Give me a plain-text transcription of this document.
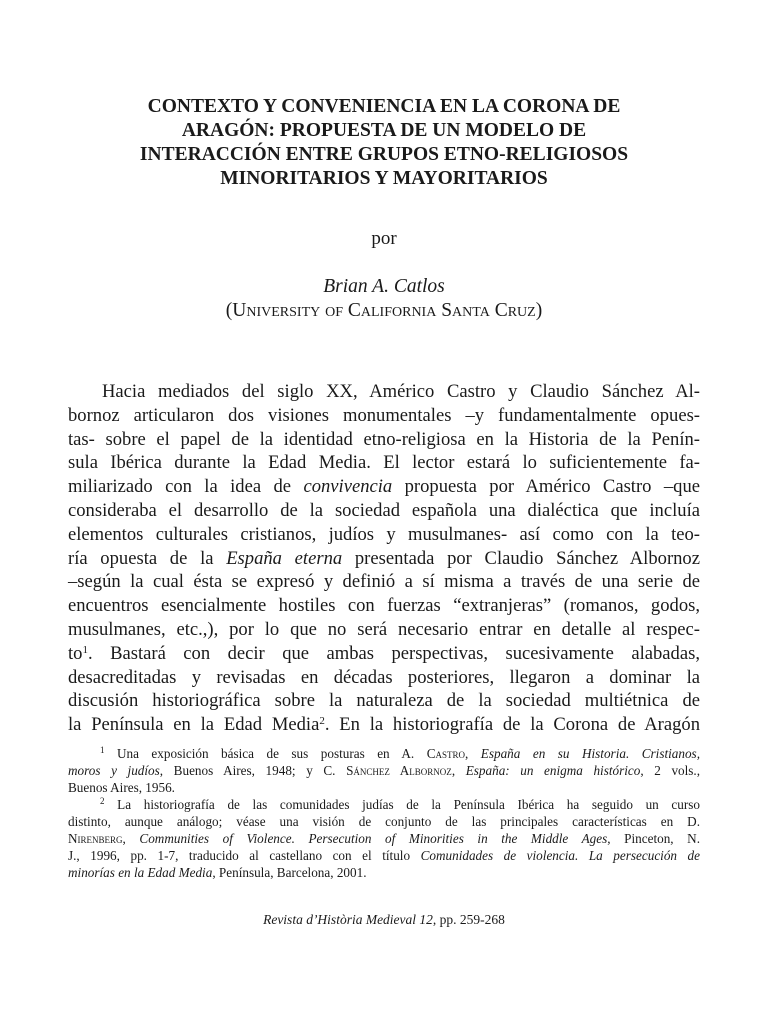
CONTEXTO Y CONVENIENCIA EN LA CORONA DE
ARAGÓN: PROPUESTA DE UN MODELO DE
INTERACCIÓN ENTRE GRUPOS ETNO-RELIGIOSOS
MINORITARIOS Y MAYORITARIOS
por
Brian A. Catlos
(University of California Santa Cruz)
Hacia mediados del siglo XX, Américo Castro y Claudio Sánchez Al-
bornoz articularon dos visiones monumentales –y fundamentalmente opues-
tas- sobre el papel de la identidad etno-religiosa en la Historia de la Penín-
sula Ibérica durante la Edad Media. El lector estará lo suficientemente fa-
miliarizado con la idea de convivencia propuesta por Américo Castro –que
consideraba el desarrollo de la sociedad española una dialéctica que incluía
elementos culturales cristianos, judíos y musulmanes- así como con la teo-
ría opuesta de la España eterna presentada por Claudio Sánchez Albornoz
–según la cual ésta se expresó y definió a sí misma a través de una serie de
encuentros esencialmente hostiles con fuerzas “extranjeras” (romanos, godos,
musulmanes, etc.,), por lo que no será necesario entrar en detalle al respec-
$to^1$. Bastará con decir que ambas perspectivas, sucesivamente alabadas,
desacreditadas y revisadas en décadas posteriores, llegaron a dominar la
discusión historiográfica sobre la naturaleza de la sociedad multiétnica de
la Península en la Edad Media$^2$. En la historiografía de la Corona de Aragón
$^1$ Una exposición básica de sus posturas en A. Castro, España en su Historia. Cristianos,
moros y judíos, Buenos Aires, 1948; y C. Sánchez Albornoz, España: un enigma histórico, 2 vols.,
Buenos Aires, 1956.
$^2$ La historiografía de las comunidades judías de la Península Ibérica ha seguido un curso
distinto, aunque análogo; véase una visión de conjunto de las principales características en D.
Nirenberg, Communities of Violence. Persecution of Minorities in the Middle Ages, Pinceton, N.
J., 1996, pp. 1-7, traducido al castellano con el título Comunidades de violencia. La persecución de
minorías en la Edad Media, Península, Barcelona, 2001.
Revista d’Història Medieval 12, pp. 259-268
